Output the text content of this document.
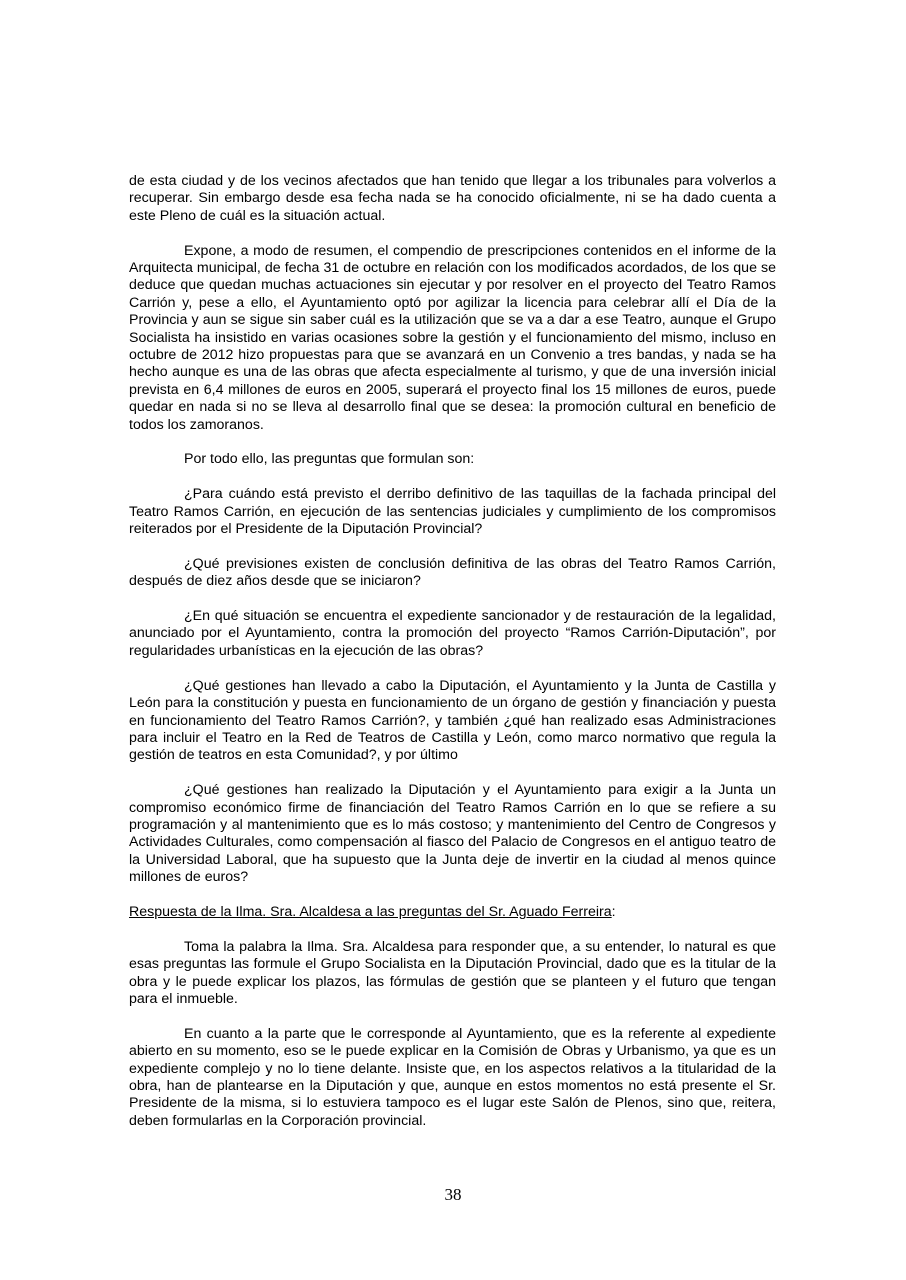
de esta ciudad y de los vecinos afectados que han tenido que llegar a los tribunales para volverlos a recuperar. Sin embargo desde esa fecha nada se ha conocido oficialmente, ni se ha dado cuenta a este Pleno de cuál es la situación actual.

Expone, a modo de resumen, el compendio de prescripciones contenidos en el informe de la Arquitecta municipal, de fecha 31 de octubre en relación con los modificados acordados, de los que se deduce que quedan muchas actuaciones sin ejecutar y por resolver en el proyecto del Teatro Ramos Carrión y, pese a ello, el Ayuntamiento optó por agilizar la licencia para celebrar allí el Día de la Provincia y aun se sigue sin saber cuál es la utilización que se va a dar a ese Teatro, aunque el Grupo Socialista ha insistido en varias ocasiones sobre la gestión y el funcionamiento del mismo, incluso en octubre de 2012 hizo propuestas para que se avanzará en un Convenio a tres bandas, y nada se ha hecho aunque es una de las obras que afecta especialmente al turismo, y que de una inversión inicial prevista en 6,4 millones de euros en 2005, superará el proyecto final los 15 millones de euros, puede quedar en nada si no se lleva al desarrollo final que se desea: la promoción cultural en beneficio de todos los zamoranos.

Por todo ello, las preguntas que formulan son:

¿Para cuándo está previsto el derribo definitivo de las taquillas de la fachada principal del Teatro Ramos Carrión, en ejecución de las sentencias judiciales y cumplimiento de los compromisos reiterados por el Presidente de la Diputación Provincial?

¿Qué previsiones existen de conclusión definitiva de las obras del Teatro Ramos Carrión, después de diez años desde que se iniciaron?

¿En qué situación se encuentra el expediente sancionador y de restauración de la legalidad, anunciado por el Ayuntamiento, contra la promoción del proyecto “Ramos Carrión-Diputación”, por regularidades urbanísticas en la ejecución de las obras?

¿Qué gestiones han llevado a cabo la Diputación, el Ayuntamiento y la Junta de Castilla y León para la constitución y puesta en funcionamiento de un órgano de gestión y financiación y puesta en funcionamiento del Teatro Ramos Carrión?, y también ¿qué han realizado esas Administraciones para incluir el Teatro en la Red de Teatros de Castilla y León, como marco normativo que regula la gestión de teatros en esta Comunidad?, y por último

¿Qué gestiones han realizado la Diputación y el Ayuntamiento para exigir a la Junta un compromiso económico firme de financiación del Teatro Ramos Carrión en lo que se refiere a su programación y al mantenimiento que es lo más costoso; y mantenimiento del Centro de Congresos y Actividades Culturales, como compensación al fiasco del Palacio de Congresos en el antiguo teatro de la Universidad Laboral, que ha supuesto que la Junta deje de invertir en la ciudad al menos quince millones de euros?

Respuesta de la Ilma. Sra. Alcaldesa a las preguntas del Sr. Aguado Ferreira:

Toma la palabra la Ilma. Sra. Alcaldesa para responder que, a su entender, lo natural es que esas preguntas las formule el Grupo Socialista en la Diputación Provincial, dado que es la titular de la obra y le puede explicar los plazos, las fórmulas de gestión que se planteen y el futuro que tengan para el inmueble.

En cuanto a la parte que le corresponde al Ayuntamiento, que es la referente al expediente abierto en su momento, eso se le puede explicar en la Comisión de Obras y Urbanismo, ya que es un expediente complejo y no lo tiene delante. Insiste que, en los aspectos relativos a la titularidad de la obra, han de plantearse en la Diputación y que, aunque en estos momentos no está presente el Sr. Presidente de la misma, si lo estuviera tampoco es el lugar este Salón de Plenos, sino que, reitera, deben formularlas en la Corporación provincial.

38
